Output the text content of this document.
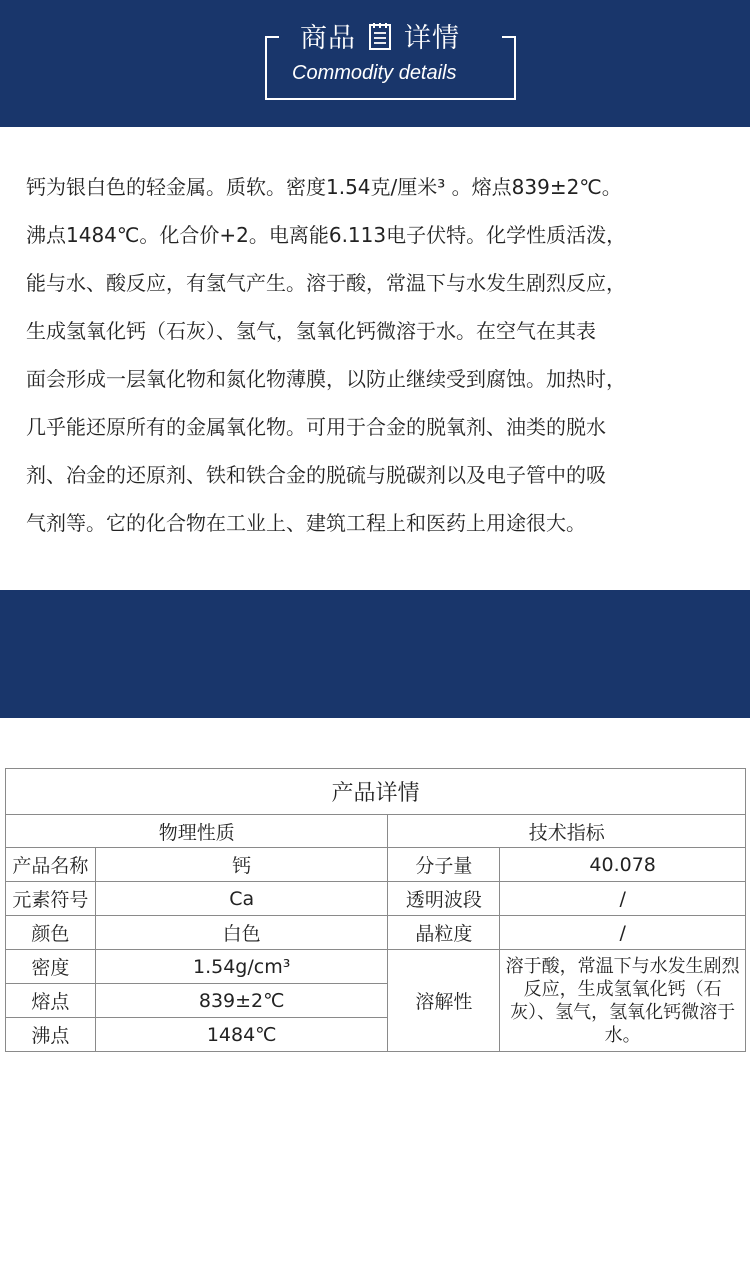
商品 详情
Commodity details

钙为银白色的轻金属。质软。密度1.54克/厘米³ 。熔点839±2℃。

沸点1484℃。化合价+2。电离能6.113电子伏特。化学性质活泼，

能与水、酸反应，有氢气产生。溶于酸，常温下与水发生剧烈反应，

生成氢氧化钙（石灰）、氢气，氢氧化钙微溶于水。在空气在其表

面会形成一层氧化物和氮化物薄膜，以防止继续受到腐蚀。加热时，

几乎能还原所有的金属氧化物。可用于合金的脱氧剂、油类的脱水

剂、冶金的还原剂、铁和铁合金的脱硫与脱碳剂以及电子管中的吸

气剂等。它的化合物在工业上、建筑工程上和医药上用途很大。

产品 详情
Chemical composition
产品详情			
物理性质		技术指标	
产品名称	钙	分子量	40.078
元素符号	Ca	透明波段	/
颜色	白色	晶粒度	/
密度	1.54g/cm³	溶解性	溶于酸，常温下与水发生剧烈反应，生成氢氧化钙（石灰）、氢气，氢氧化钙微溶于水。
熔点	839±2℃		
沸点	1484℃		
